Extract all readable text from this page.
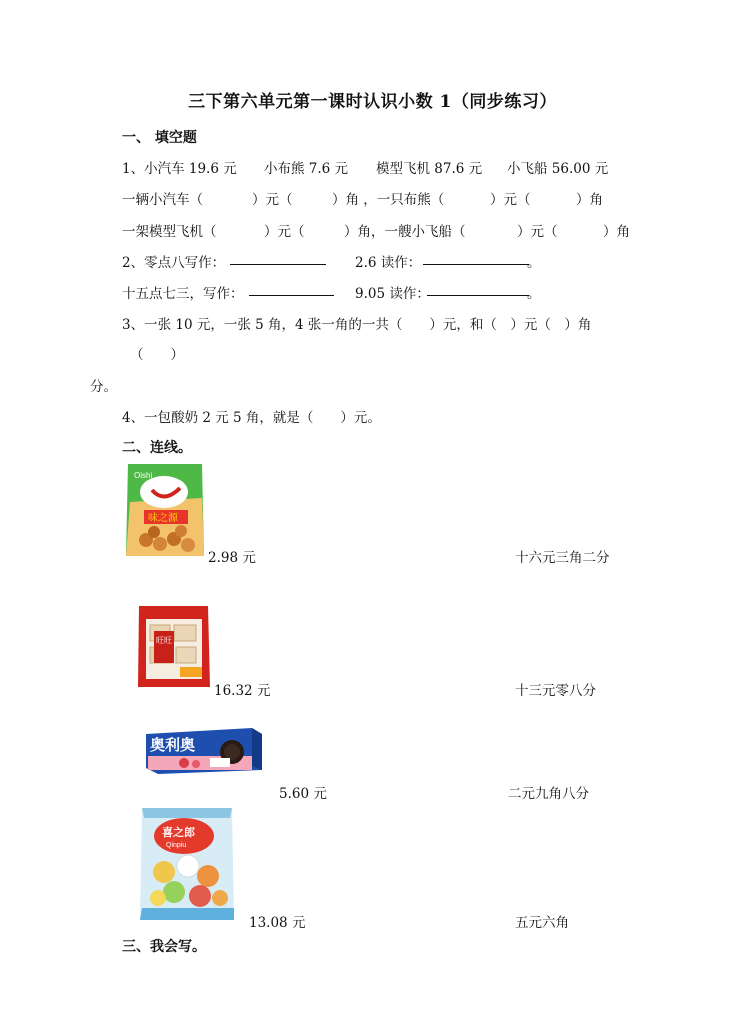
三下第六单元第一课时认识小数 1（同步练习）
一、 填空题
1、小汽车 19.6 元 小布熊 7.6 元 模型飞机 87.6 元 小飞船 56.00 元
一辆小汽车（	）元（	）角 ，一只布熊（	）元（	）角
一架模型飞机（	）元（	）角，一艘小飞船（	）元（	）角
2、零点八写作：	2.6 读作：	。
十五点七三，写作：	9.05 读作：	。
3、一张 10 元，一张 5 角，4 张一角的一共（　　）元，和（　）元（　）角
（　　）
分。
4、一包酸奶 2 元 5 角，就是（　　）元。
二、连线。
Oishi
味之源
旺旺
奥利奥
喜之郎
Qinpiu
2.98 元
16.32 元
5.60 元
13.08 元
十六元三角二分
十三元零八分
二元九角八分
五元六角
三、我会写。
